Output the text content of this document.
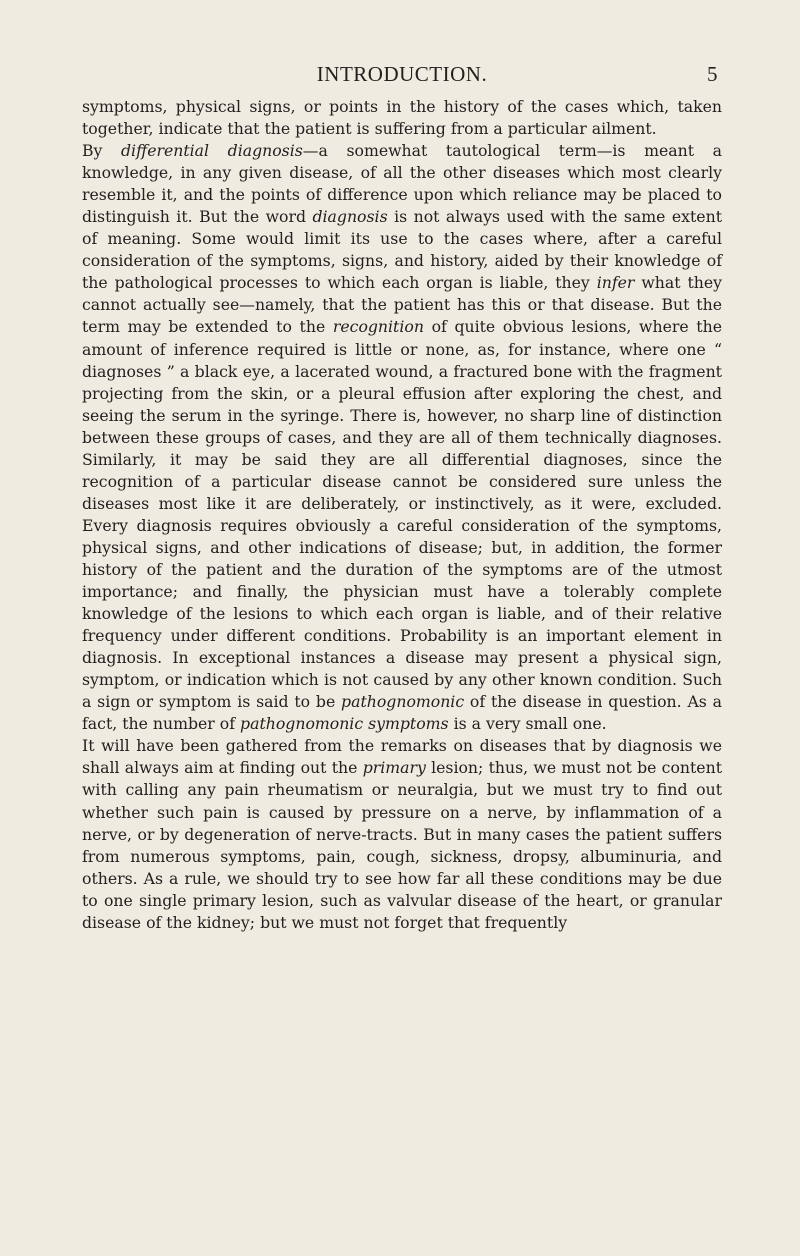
INTRODUCTION.	5

symptoms, physical signs, or points in the history of the cases which, taken together, indicate that the patient is suffering from a particular ailment.

By differential diagnosis—a somewhat tautological term—is meant a knowledge, in any given disease, of all the other diseases which most clearly resemble it, and the points of difference upon which reliance may be placed to distinguish it. But the word diagnosis is not always used with the same extent of meaning. Some would limit its use to the cases where, after a careful consideration of the symptoms, signs, and history, aided by their knowledge of the pathological processes to which each organ is liable, they infer what they cannot actually see—namely, that the patient has this or that disease. But the term may be extended to the recognition of quite obvious lesions, where the amount of inference required is little or none, as, for instance, where one “ diagnoses ” a black eye, a lacerated wound, a fractured bone with the fragment projecting from the skin, or a pleural effusion after exploring the chest, and seeing the serum in the syringe. There is, however, no sharp line of distinction between these groups of cases, and they are all of them technically diagnoses. Similarly, it may be said they are all differential diagnoses, since the recognition of a particular disease cannot be considered sure unless the diseases most like it are deliberately, or instinctively, as it were, excluded. Every diagnosis requires obviously a careful consideration of the symptoms, physical signs, and other indications of disease; but, in addition, the former history of the patient and the duration of the symptoms are of the utmost importance; and finally, the physician must have a tolerably complete knowledge of the lesions to which each organ is liable, and of their relative frequency under different conditions. Probability is an important element in diagnosis. In exceptional instances a disease may present a physical sign, symptom, or indication which is not caused by any other known condition. Such a sign or symptom is said to be pathognomonic of the disease in question. As a fact, the number of pathognomonic symptoms is a very small one.

It will have been gathered from the remarks on diseases that by diagnosis we shall always aim at finding out the primary lesion; thus, we must not be content with calling any pain rheumatism or neuralgia, but we must try to find out whether such pain is caused by pressure on a nerve, by inflammation of a nerve, or by degeneration of nerve-tracts. But in many cases the patient suffers from numerous symptoms, pain, cough, sickness, dropsy, albuminuria, and others. As a rule, we should try to see how far all these conditions may be due to one single primary lesion, such as valvular disease of the heart, or granular disease of the kidney; but we must not forget that frequently
